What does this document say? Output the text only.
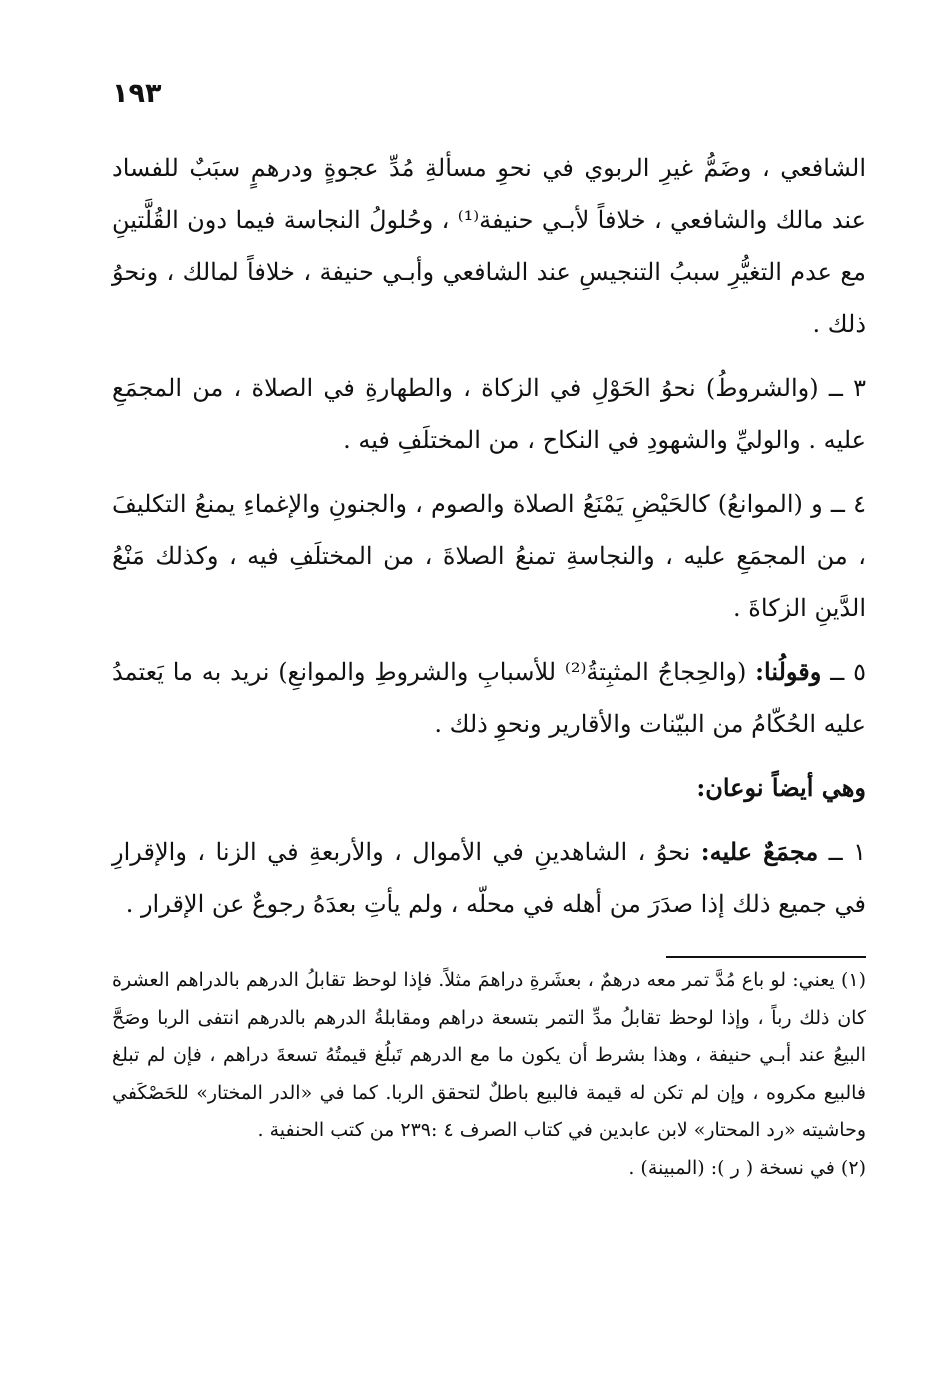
١٩٣

الشافعي ، وضَمُّ غيرِ الربوي في نحوِ مسألةِ مُدِّ عجوةٍ ودرهمٍ سبَبٌ للفساد عند مالك والشافعي ، خلافاً لأبـي حنيفة⁽¹⁾ ، وحُلولُ النجاسة فيما دون القُلَّتينِ مع عدم التغيُّرِ سببُ التنجيسِ عند الشافعي وأبـي حنيفة ، خلافاً لمالك ، ونحوُ ذلك .

٣ ــ (والشروطُ) نحوُ الحَوْلِ في الزكاة ، والطهارةِ في الصلاة ، من المجمَعِ عليه . والوليِّ والشهودِ في النكاح ، من المختلَفِ فيه .

٤ ــ و (الموانعُ) كالحَيْضِ يَمْنَعُ الصلاة والصوم ، والجنونِ والإغماءِ يمنعُ التكليفَ ، من المجمَعِ عليه ، والنجاسةِ تمنعُ الصلاةَ ، من المختلَفِ فيه ، وكذلك مَنْعُ الدَّينِ الزكاةَ .

٥ ــ وقولُنا: (والحِجاجُ المثبِتةُ⁽²⁾ للأسبابِ والشروطِ والموانعِ) نريد به ما يَعتمدُ عليه الحُكّامُ من البيّنات والأقارير ونحوِ ذلك .

وهي أيضاً نوعان:

١ ــ مجمَعٌ عليه: نحوُ ، الشاهدينِ في الأموال ، والأربعةِ في الزنا ، والإقرارِ في جميع ذلك إذا صدَرَ من أهله في محلّه ، ولم يأتِ بعدَهُ رجوعٌ عن الإقرار .

(١) يعني: لو باع مُدَّ تمر معه درهمٌ ، بعشَرةِ دراهمَ مثلاً. فإذا لوحظ تقابلُ الدرهم بالدراهم العشرة كان ذلك رباً ، وإذا لوحظ تقابلُ مدِّ التمر بتسعة دراهم ومقابلةُ الدرهم بالدرهم انتفى الربا وصَحَّ البيعُ عند أبـي حنيفة ، وهذا بشرط أن يكون ما مع الدرهم تَبلُغ قيمتُهُ تسعةَ دراهم ، فإن لم تبلغ فالبيع مكروه ، وإن لم تكن له قيمة فالبيع باطلٌ لتحقق الربا. كما في «الدر المختار» للحَصْكَفي وحاشيته «رد المحتار» لابن عابدين في كتاب الصرف ٤ :٢٣٩ من كتب الحنفية .

(٢) في نسخة ( ر ): (المبينة) .
